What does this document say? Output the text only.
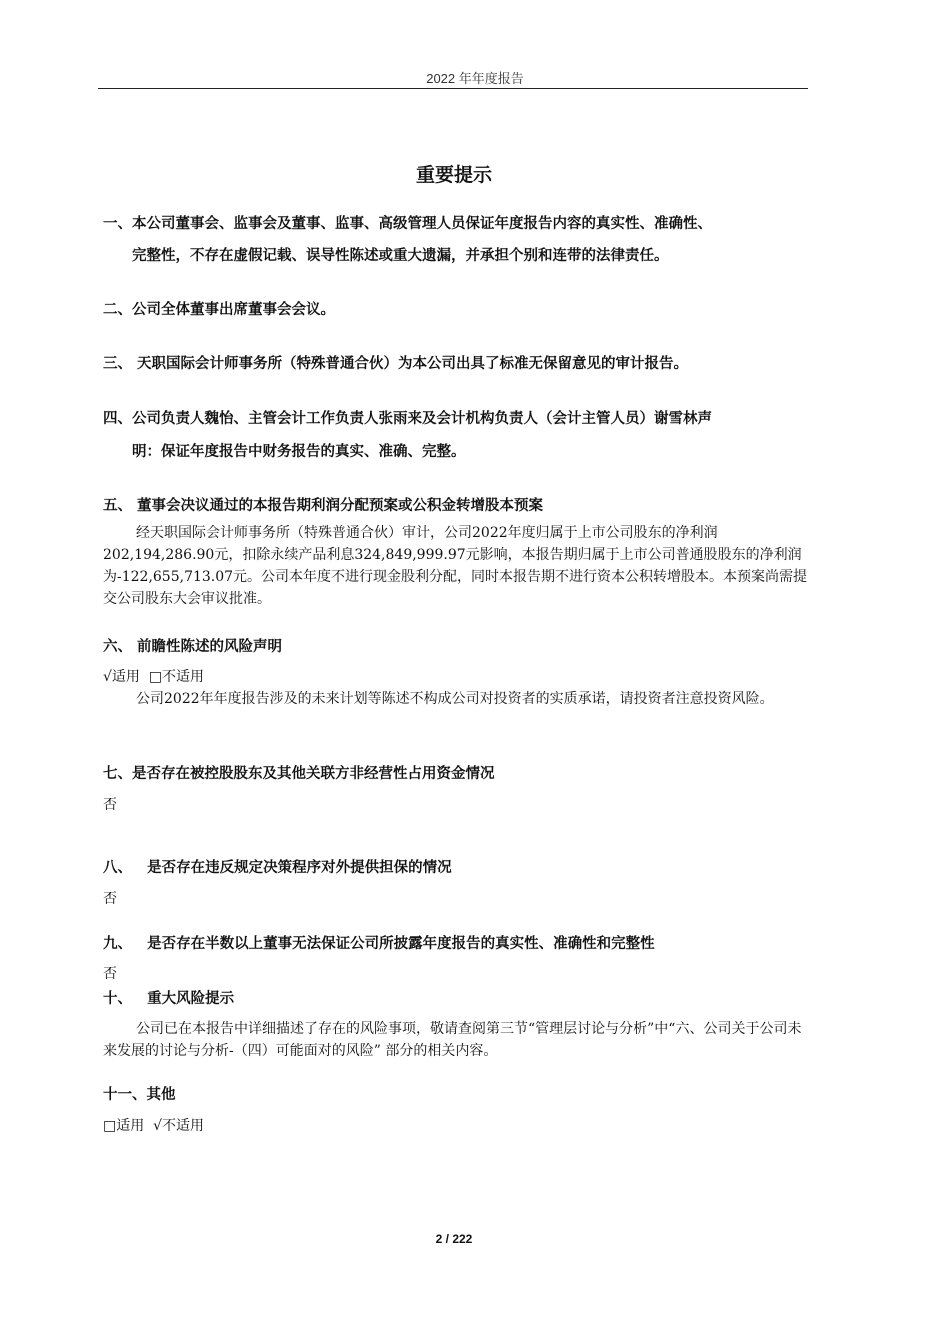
2022 年年度报告
重要提示
一、本公司董事会、监事会及董事、监事、高级管理人员保证年度报告内容的真实性、准确性、
完整性，不存在虚假记载、误导性陈述或重大遗漏，并承担个别和连带的法律责任。
二、公司全体董事出席董事会会议。
三、 天职国际会计师事务所（特殊普通合伙）为本公司出具了标准无保留意见的审计报告。
四、公司负责人魏怡、主管会计工作负责人张雨来及会计机构负责人（会计主管人员）谢雪林声
明：保证年度报告中财务报告的真实、准确、完整。
五、 董事会决议通过的本报告期利润分配预案或公积金转增股本预案
经天职国际会计师事务所（特殊普通合伙）审计，公司2022年度归属于上市公司股东的净利润202,194,286.90元，扣除永续产品利息324,849,999.97元影响，本报告期归属于上市公司普通股股东的净利润为-122,655,713.07元。公司本年度不进行现金股利分配，同时本报告期不进行资本公积转增股本。本预案尚需提交公司股东大会审议批准。
六、 前瞻性陈述的风险声明
√适用  □不适用
公司2022年年度报告涉及的未来计划等陈述不构成公司对投资者的实质承诺，请投资者注意投资风险。
七、是否存在被控股股东及其他关联方非经营性占用资金情况
否
八、   是否存在违反规定决策程序对外提供担保的情况
否
九、   是否存在半数以上董事无法保证公司所披露年度报告的真实性、准确性和完整性
否
十、   重大风险提示
公司已在本报告中详细描述了存在的风险事项，敬请查阅第三节“管理层讨论与分析”中“六、公司关于公司未来发展的讨论与分析-（四）可能面对的风险” 部分的相关内容。
十一、其他
□适用  √不适用
2 / 222
